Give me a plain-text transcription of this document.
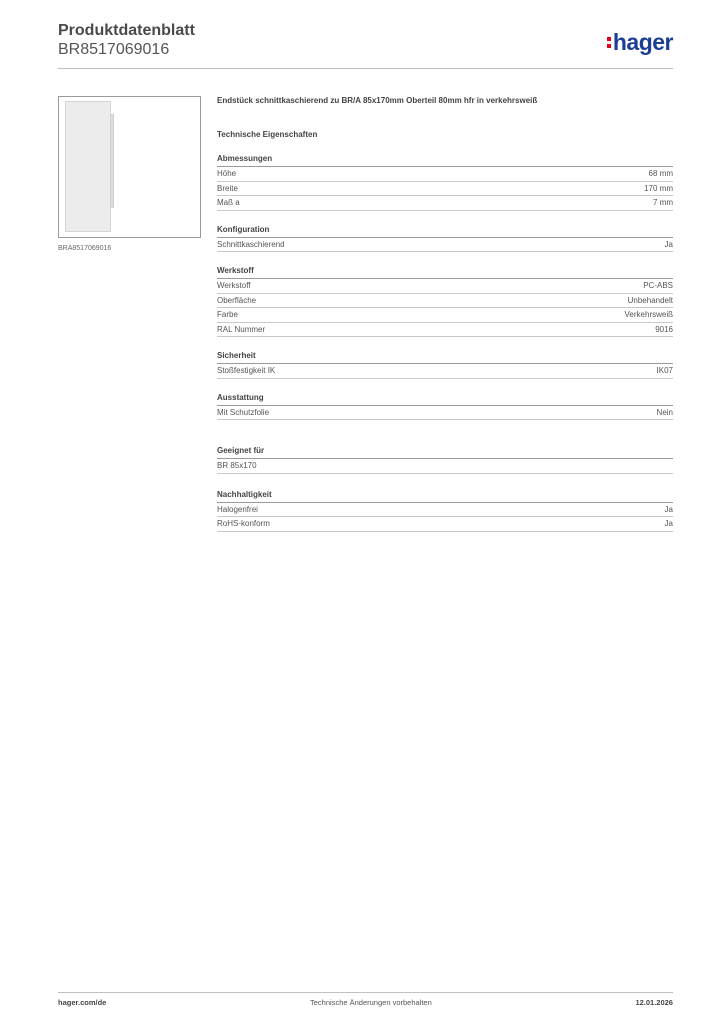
Produktdatenblatt
BR8517069016	hager
BRA8517069016
Endstück schnittkaschierend zu BR/A 85x170mm Oberteil 80mm hfr in verkehrsweiß
Technische Eigenschaften
Abmessungen
Höhe	68 mm
Breite	170 mm
Maß a	7 mm
Konfiguration
Schnittkaschierend	Ja
Werkstoff
Werkstoff	PC-ABS
Oberfläche	Unbehandelt
Farbe	Verkehrsweiß
RAL Nummer	9016
Sicherheit
Stoßfestigkeit IK	IK07
Ausstattung
Mit Schutzfolie	Nein
Geeignet für
BR 85x170
Nachhaltigkeit
Halogenfrei	Ja
RoHS-konform	Ja
hager.com/de	Technische Änderungen vorbehalten	12.01.2026
